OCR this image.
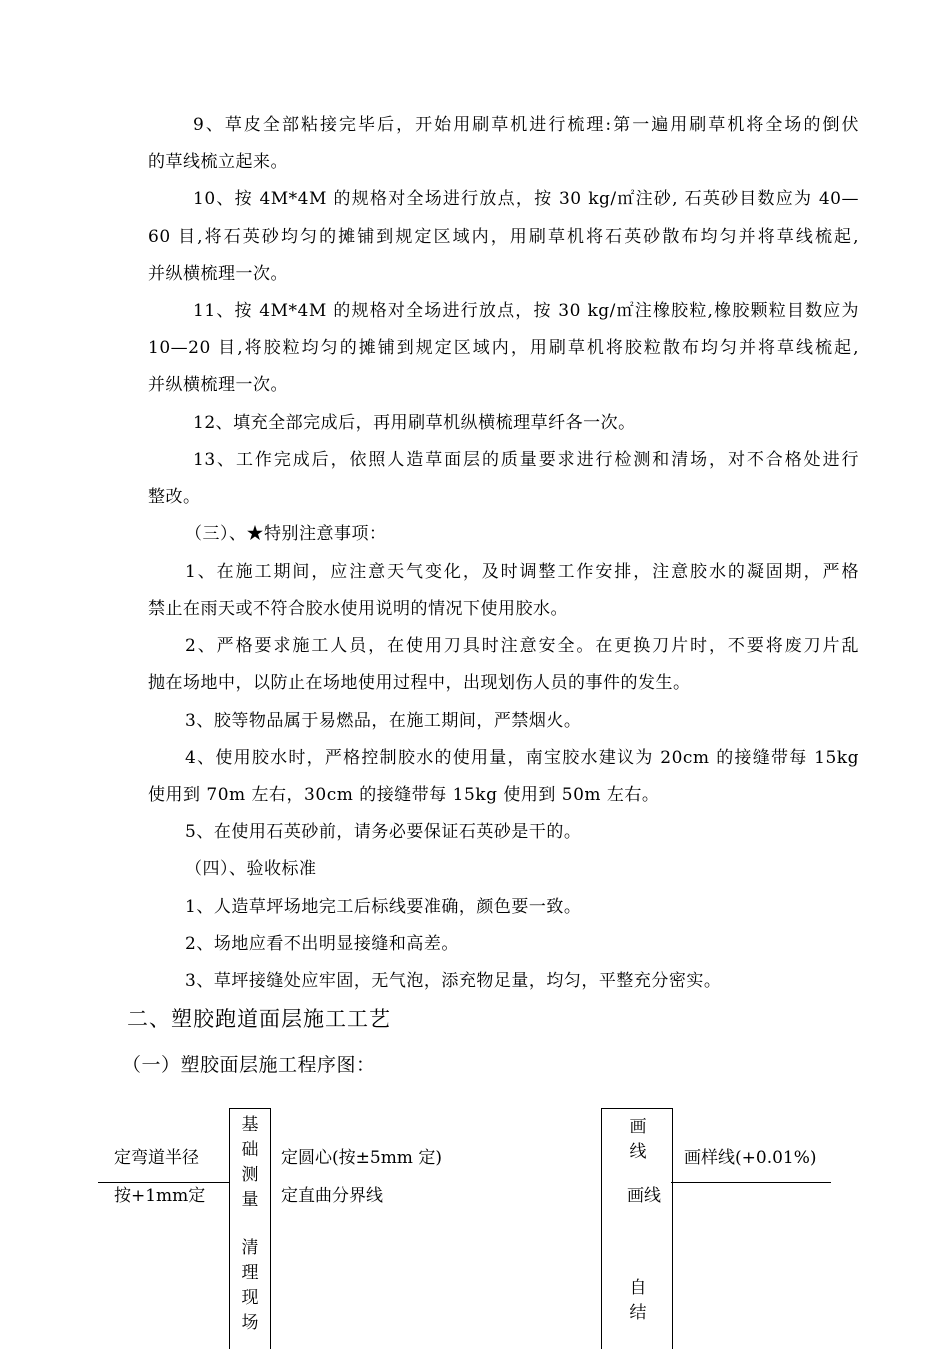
9、草皮全部粘接完毕后，开始用刷草机进行梳理:第一遍用刷草机将全场的倒伏
的草线梳立起来。
10、按 4M*4M 的规格对全场进行放点，按 30 kg/㎡注砂, 石英砂目数应为 40—
60 目,将石英砂均匀的摊铺到规定区域内，用刷草机将石英砂散布均匀并将草线梳起,
并纵横梳理一次。
11、按 4M*4M 的规格对全场进行放点，按 30 kg/㎡注橡胶粒,橡胶颗粒目数应为
10—20 目,将胶粒均匀的摊铺到规定区域内，用刷草机将胶粒散布均匀并将草线梳起,
并纵横梳理一次。
12、填充全部完成后，再用刷草机纵横梳理草纤各一次。
13、工作完成后，依照人造草面层的质量要求进行检测和清场，对不合格处进行
整改。
（三）、★特别注意事项：
1、在施工期间，应注意天气变化，及时调整工作安排，注意胶水的凝固期，严格
禁止在雨天或不符合胶水使用说明的情况下使用胶水。
2、严格要求施工人员，在使用刀具时注意安全。在更换刀片时，不要将废刀片乱
抛在场地中，以防止在场地使用过程中，出现划伤人员的事件的发生。
3、胶等物品属于易燃品，在施工期间，严禁烟火。
4、使用胶水时，严格控制胶水的使用量，南宝胶水建议为 20cm 的接缝带每 15kg
使用到 70m 左右，30cm 的接缝带每 15kg 使用到 50m 左右。
5、在使用石英砂前，请务必要保证石英砂是干的。
（四）、验收标准
1、人造草坪场地完工后标线要准确，颜色要一致。
2、场地应看不出明显接缝和高差。
3、草坪接缝处应牢固，无气泡，添充物足量，均匀，平整充分密实。
二、塑胶跑道面层施工工艺
（一）塑胶面层施工程序图：
定弯道半径
按+1mm定
基础测量
清理现场
定圆心(按±5mm 定)
定直曲分界线
画线
画线
自结
画样线(+0.01%)
